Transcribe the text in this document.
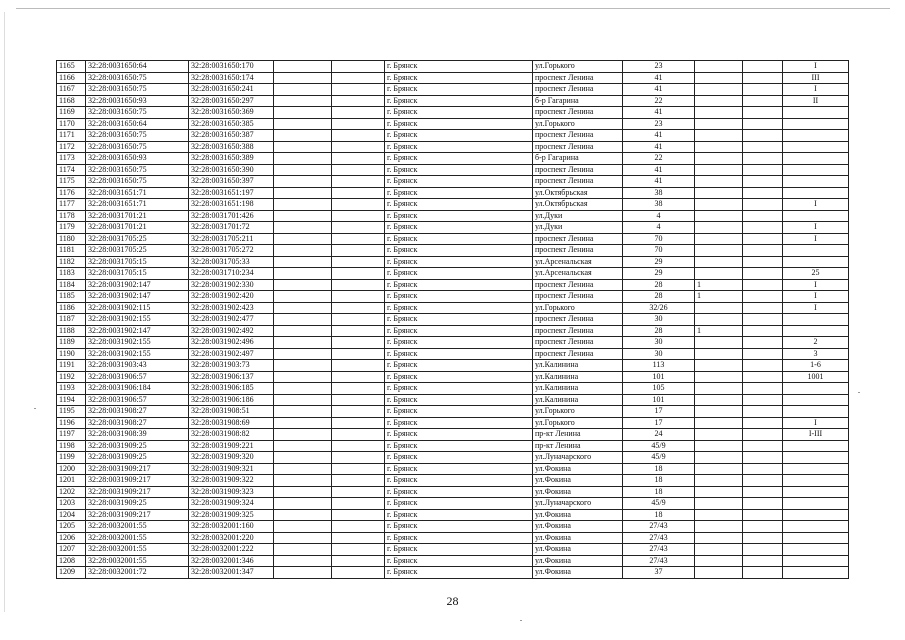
1165	32:28:0031650:64	32:28:0031650:170			г. Брянск	ул.Горького	23			I
1166	32:28:0031650:75	32:28:0031650:174			г. Брянск	проспект Ленина	41			III
1167	32:28:0031650:75	32:28:0031650:241			г. Брянск	проспект Ленина	41			I
1168	32:28:0031650:93	32:28:0031650:297			г. Брянск	б-р Гагарина	22			II
1169	32:28:0031650:75	32:28:0031650:369			г. Брянск	проспект Ленина	41			
1170	32:28:0031650:64	32:28:0031650:385			г. Брянск	ул.Горького	23			
1171	32:28:0031650:75	32:28:0031650:387			г. Брянск	проспект Ленина	41			
1172	32:28:0031650:75	32:28:0031650:388			г. Брянск	проспект Ленина	41			
1173	32:28:0031650:93	32:28:0031650:389			г. Брянск	б-р Гагарина	22			
1174	32:28:0031650:75	32:28:0031650:390			г. Брянск	проспект Ленина	41			
1175	32:28:0031650:75	32:28:0031650:397			г. Брянск	проспект Ленина	41			
1176	32:28:0031651:71	32:28:0031651:197			г. Брянск	ул.Октябрьская	38			
1177	32:28:0031651:71	32:28:0031651:198			г. Брянск	ул.Октябрьская	38			I
1178	32:28:0031701:21	32:28:0031701:426			г. Брянск	ул.Дуки	4			
1179	32:28:0031701:21	32:28:0031701:72			г. Брянск	ул.Дуки	4			I
1180	32:28:0031705:25	32:28:0031705:211			г. Брянск	проспект Ленина	70			I
1181	32:28:0031705:25	32:28:0031705:272			г. Брянск	проспект Ленина	70			
1182	32:28:0031705:15	32:28:0031705:33			г. Брянск	ул.Арсенальская	29			
1183	32:28:0031705:15	32:28:0031710:234			г. Брянск	ул.Арсенальская	29			25
1184	32:28:0031902:147	32:28:0031902:330			г. Брянск	проспект Ленина	28	1		I
1185	32:28:0031902:147	32:28:0031902:420			г. Брянск	проспект Ленина	28	1		I
1186	32:28:0031902:115	32:28:0031902:423			г. Брянск	ул.Горького	32/26			I
1187	32:28:0031902:155	32:28:0031902:477			г. Брянск	проспект Ленина	30			
1188	32:28:0031902:147	32:28:0031902:492			г. Брянск	проспект Ленина	28	1		
1189	32:28:0031902:155	32:28:0031902:496			г. Брянск	проспект Ленина	30			2
1190	32:28:0031902:155	32:28:0031902:497			г. Брянск	проспект Ленина	30			3
1191	32:28:0031903:43	32:28:0031903:73			г. Брянск	ул.Калинина	113			1-6
1192	32:28:0031906:57	32:28:0031906:137			г. Брянск	ул.Калинина	101			1001
1193	32:28:0031906:184	32:28:0031906:185			г. Брянск	ул.Калинина	105			
1194	32:28:0031906:57	32:28:0031906:186			г. Брянск	ул.Калинина	101			
1195	32:28:0031908:27	32:28:0031908:51			г. Брянск	ул.Горького	17			
1196	32:28:0031908:27	32:28:0031908:69			г. Брянск	ул.Горького	17			I
1197	32:28:0031908:39	32:28:0031908:82			г. Брянск	пр-кт Ленина	24			I-III
1198	32:28:0031909:25	32:28:0031909:221			г. Брянск	пр-кт Ленина	45/9			
1199	32:28:0031909:25	32:28:0031909:320			г. Брянск	ул.Луначарского	45/9			
1200	32:28:0031909:217	32:28:0031909:321			г. Брянск	ул.Фокина	18			
1201	32:28:0031909:217	32:28:0031909:322			г. Брянск	ул.Фокина	18			
1202	32:28:0031909:217	32:28:0031909:323			г. Брянск	ул.Фокина	18			
1203	32:28:0031909:25	32:28:0031909:324			г. Брянск	ул.Луначарского	45/9			
1204	32:28:0031909:217	32:28:0031909:325			г. Брянск	ул.Фокина	18			
1205	32:28:0032001:55	32:28:0032001:160			г. Брянск	ул.Фокина	27/43			
1206	32:28:0032001:55	32:28:0032001:220			г. Брянск	ул.Фокина	27/43			
1207	32:28:0032001:55	32:28:0032001:222			г. Брянск	ул.Фокина	27/43			
1208	32:28:0032001:55	32:28:0032001:346			г. Брянск	ул.Фокина	27/43			
1209	32:28:0032001:72	32:28:0032001:347			г. Брянск	ул.Фокина	37			
28
